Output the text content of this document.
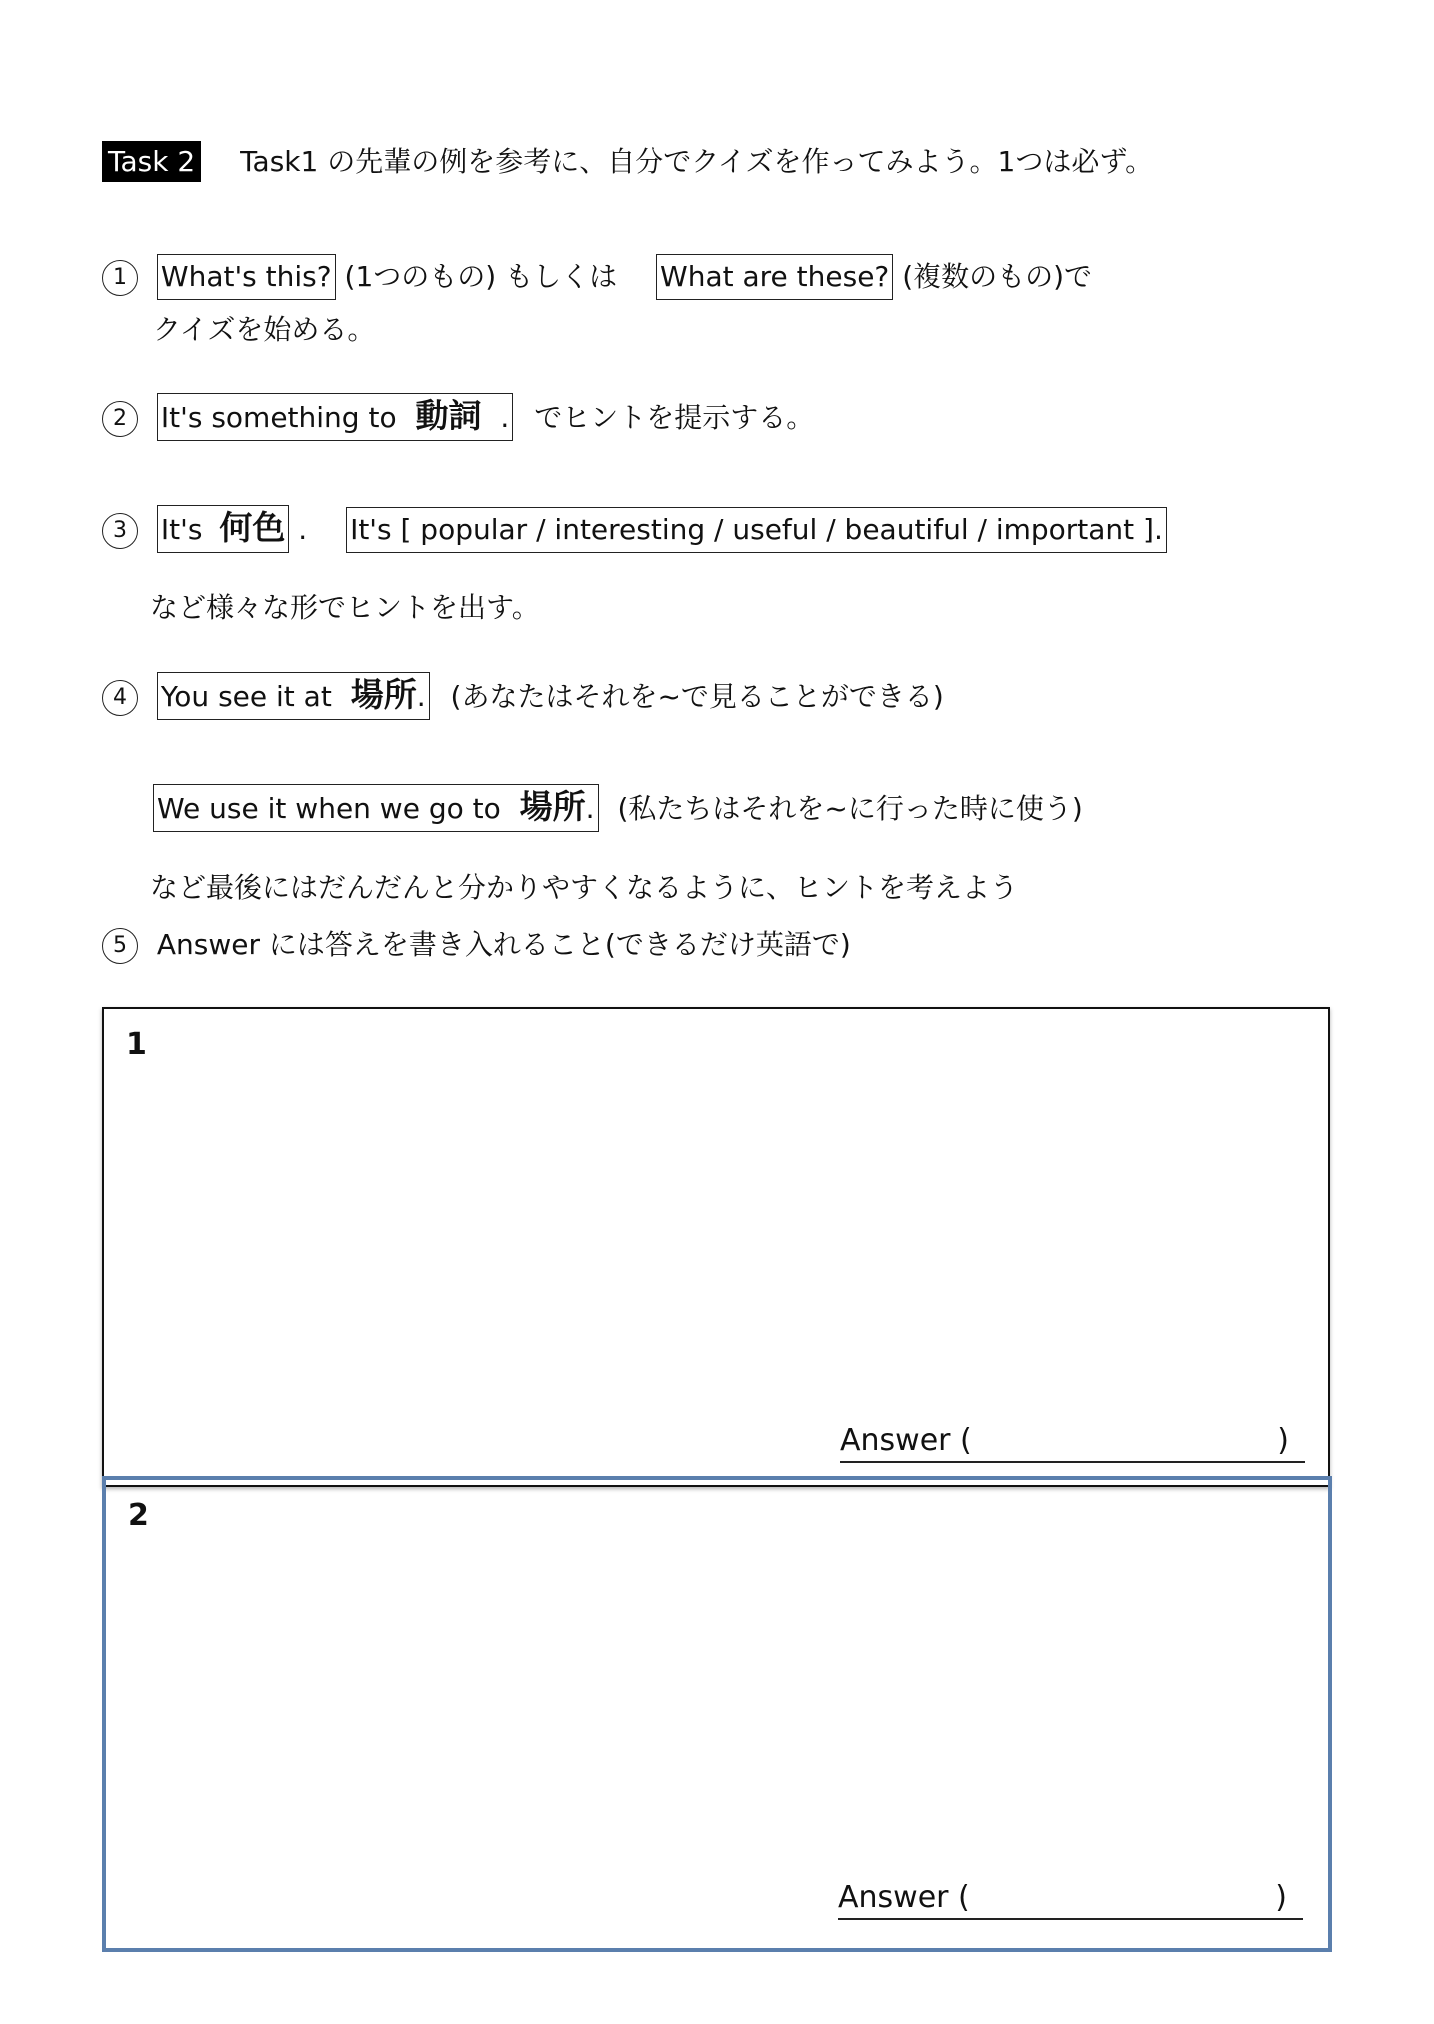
Task 2 Task1 の先輩の例を参考に、自分でクイズを作ってみよう。1つは必ず。
1 What's this? (1つのもの) もしくは What are these? (複数のもの)で
クイズを始める。
2 It's something to 動詞 . でヒントを提示する。
3 It's 何色 . It's [ popular / interesting / useful / beautiful / important ].
など様々な形でヒントを出す。
4 You see it at 場所. (あなたはそれを~で見ることができる)
We use it when we go to 場所. (私たちはそれを~に行った時に使う)
など最後にはだんだんと分かりやすくなるように、ヒントを考えよう
5 Answer には答えを書き入れること(できるだけ英語で)
1
Answer (	)
2
Answer (	)
